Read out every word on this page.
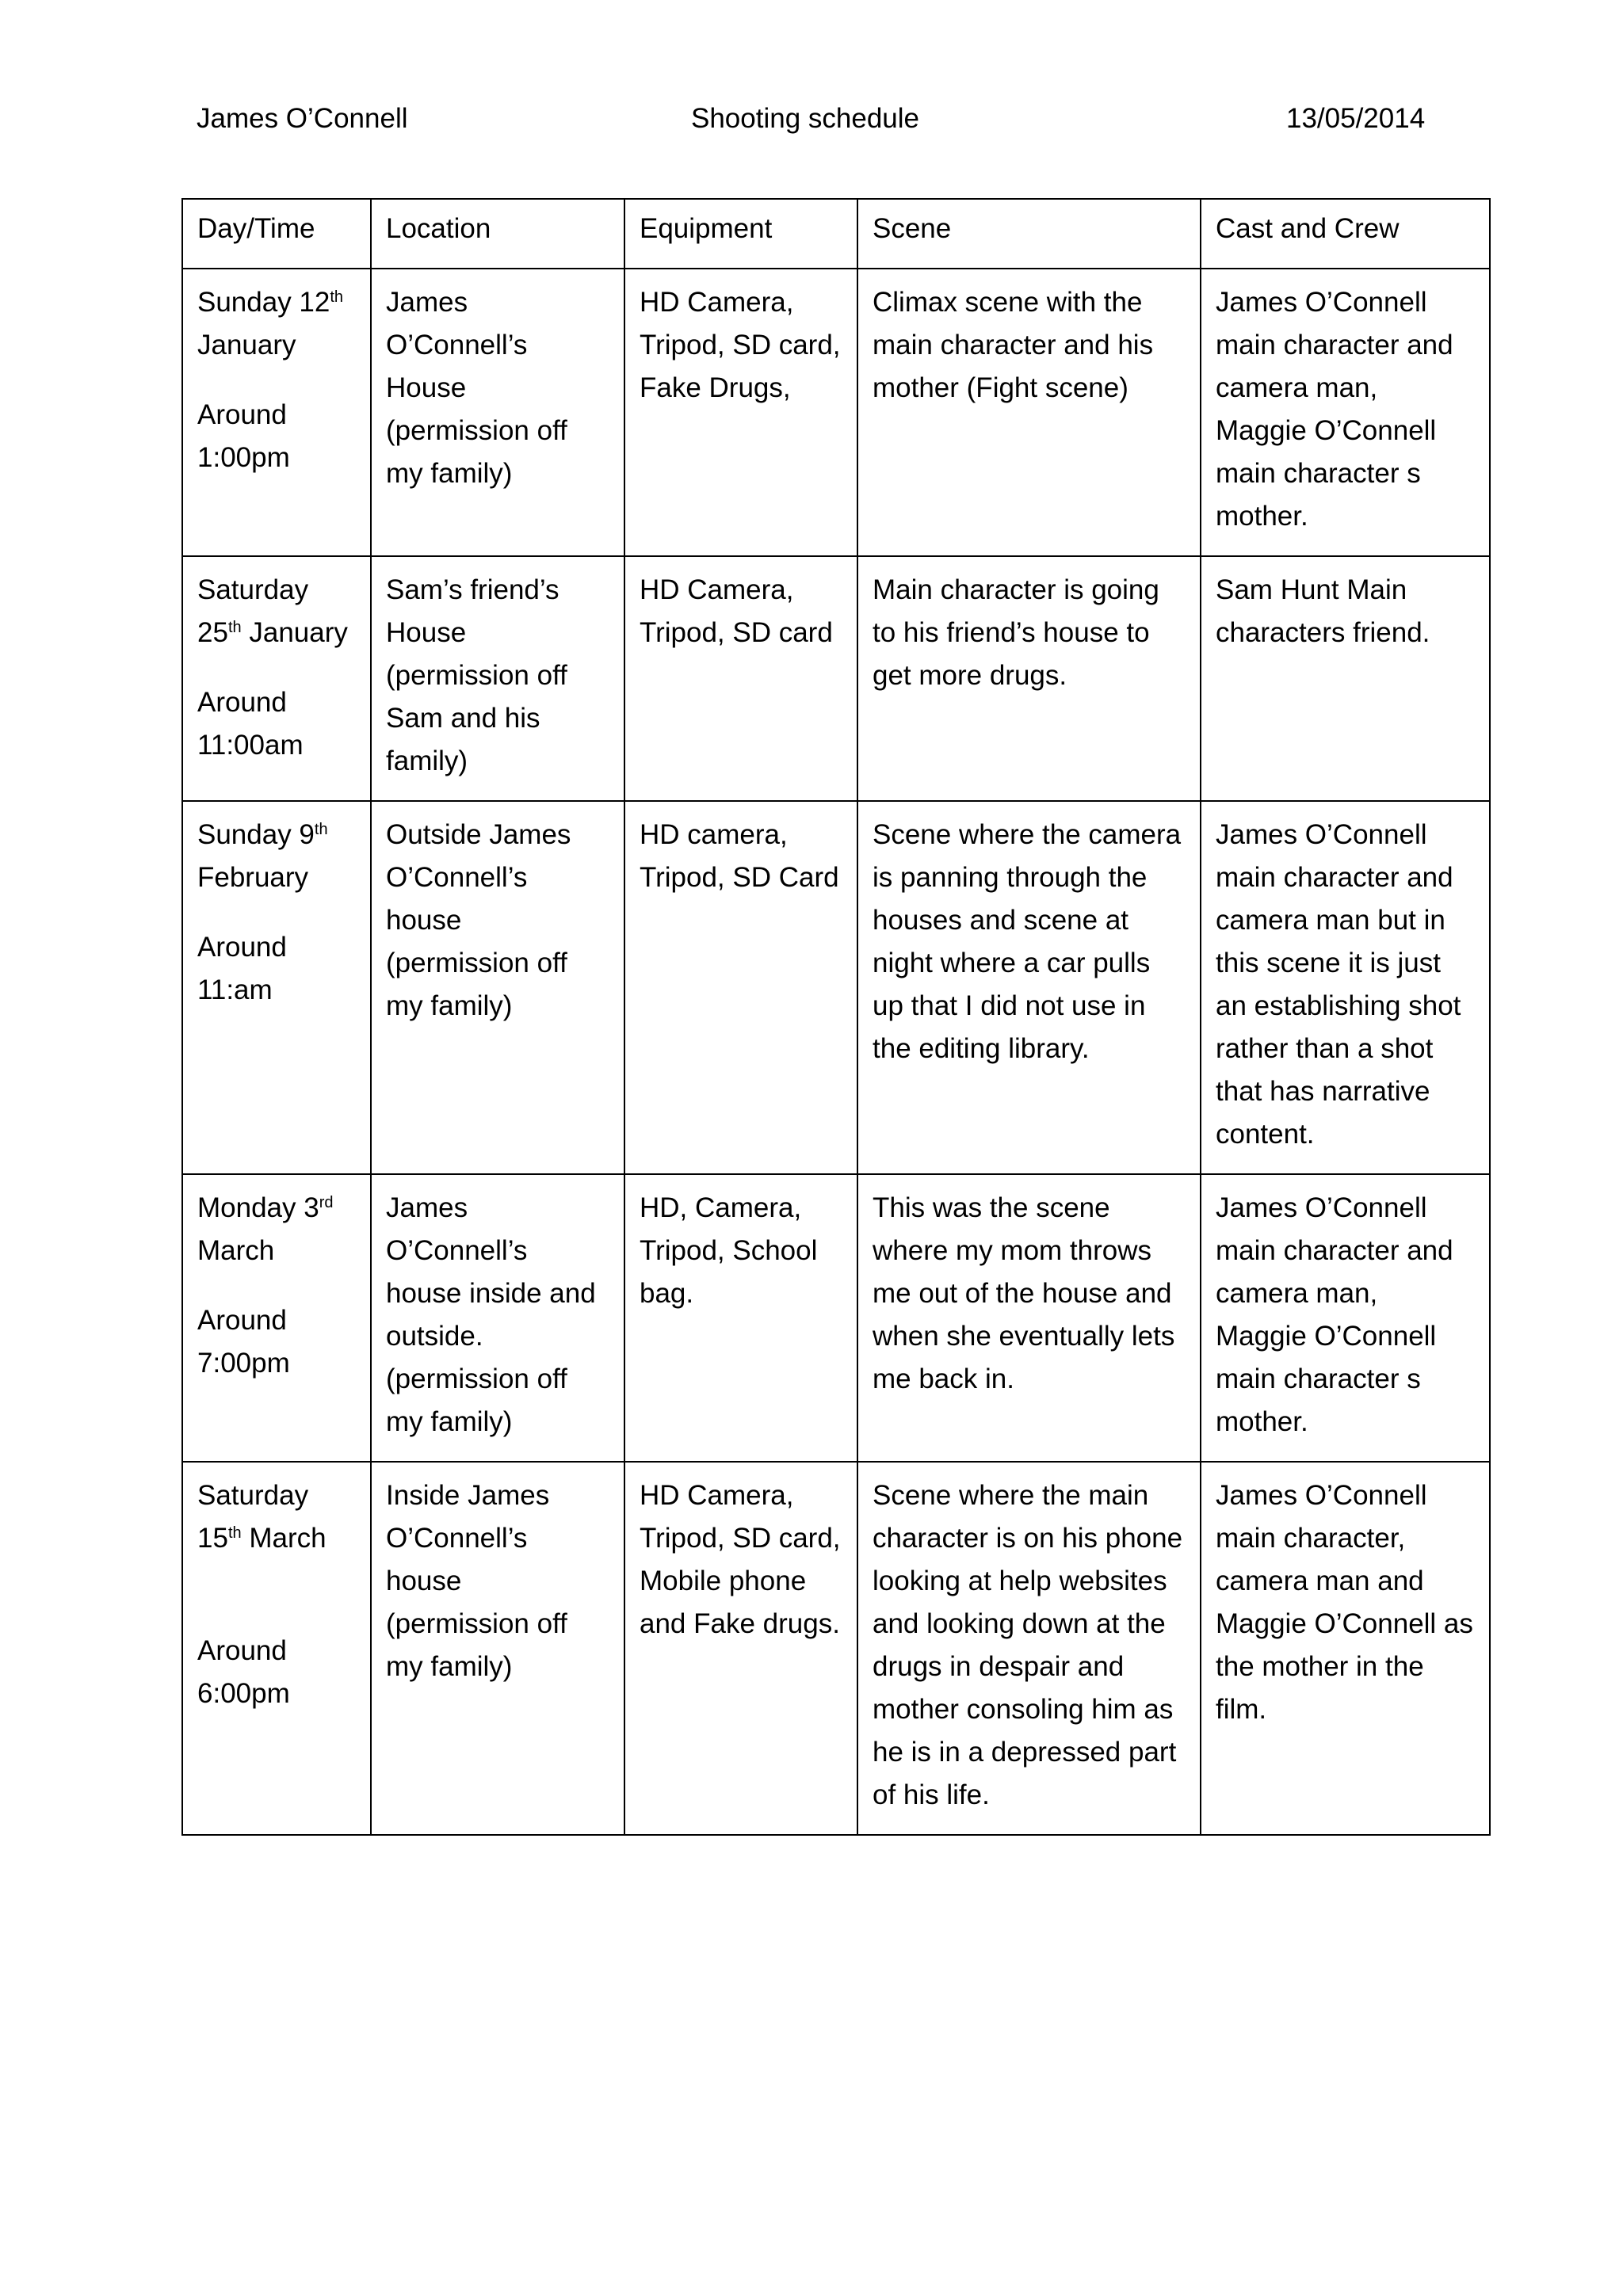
James O’Connell	Shooting schedule	13/05/2014
Day/Time	Location	Equipment	Scene	Cast and Crew

Sunday 12th
January
Around
1:00pm	James O’Connell’s House (permission off my family)	HD Camera, Tripod, SD card, Fake Drugs,	Climax scene with the main character and his mother (Fight scene)	James O’Connell main character and camera man, Maggie O’Connell main character s mother.

Saturday 25th January
Around
11:00am	Sam’s friend’s House (permission off Sam and his family)	HD Camera, Tripod, SD card	Main character is going to his friend’s house to get more drugs.	Sam Hunt Main characters friend.

Sunday 9th
February
Around
11:am	Outside James O’Connell’s house (permission off my family)	HD camera, Tripod, SD Card	Scene where the camera is panning through the houses and scene at night where a car pulls up that I did not use in the editing library.	James O’Connell main character and camera man but in this scene it is just an establishing shot rather than a shot that has narrative content.

Monday 3rd
March
Around
7:00pm	James O’Connell’s house inside and outside. (permission off my family)	HD, Camera, Tripod, School bag.	This was the scene where my mom throws me out of the house and when she eventually lets me back in.	James O’Connell main character and camera man, Maggie O’Connell main character s mother.

Saturday
15th March
Around
6:00pm	Inside James O’Connell’s house (permission off my family)	HD Camera, Tripod, SD card, Mobile phone and Fake drugs.	Scene where the main character is on his phone looking at help websites and looking down at the drugs in despair and mother consoling him as he is in a depressed part of his life.	James O’Connell main character, camera man and Maggie O’Connell as the mother in the film.
